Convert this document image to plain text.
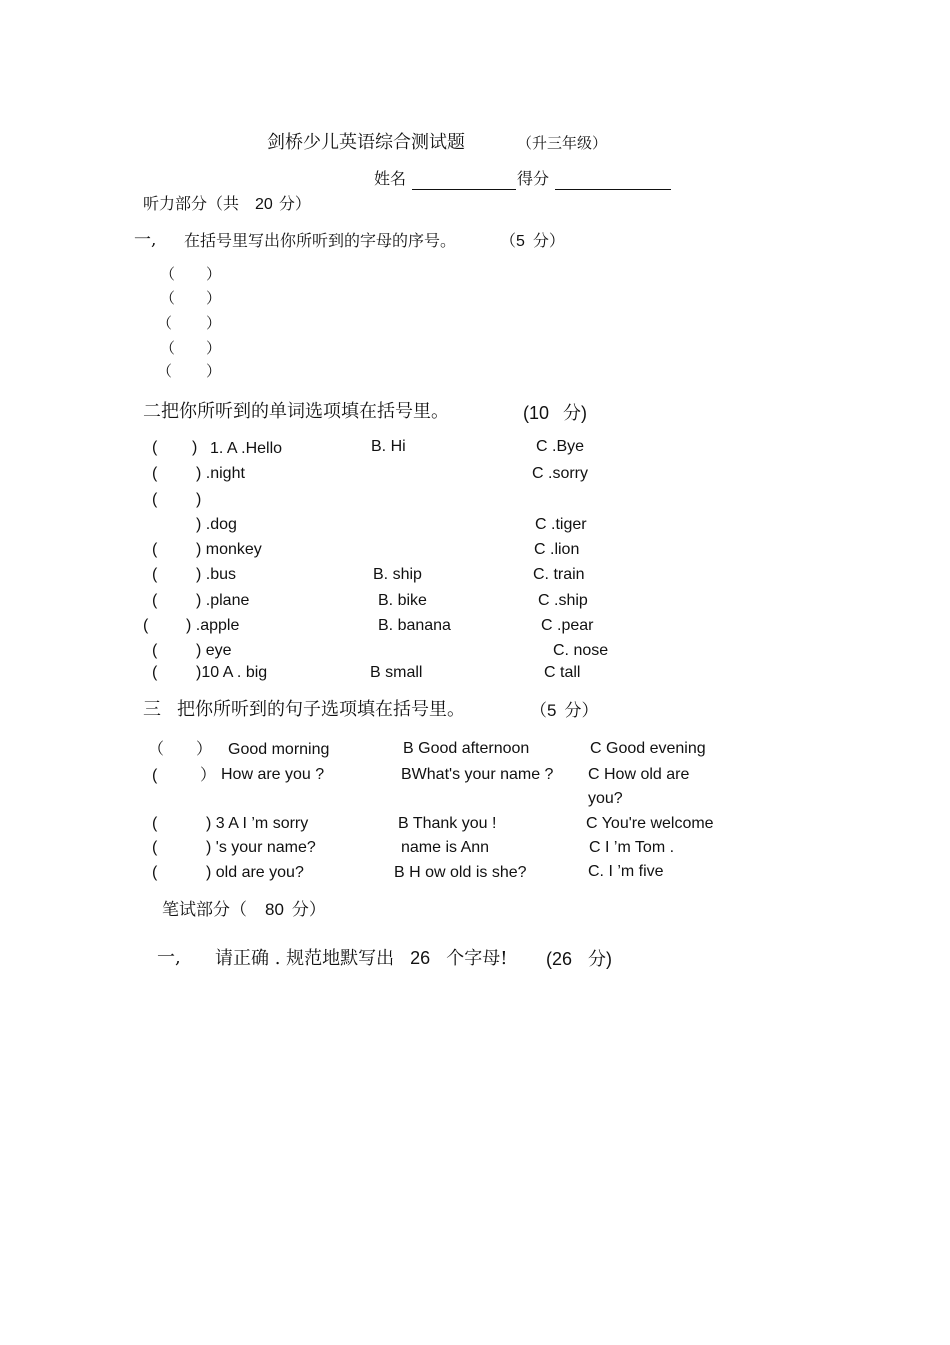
剑桥少儿英语综合测试题	（升三年级）
姓名	得分
听力部分（共 20 分）
一, 在括号里写出你所听到的字母的序号。	（5 分）
（ ）
（ ）
（ ）
（ ）
（ ）
二把你所听到的单词选项填在括号里。	(10 分)
( ) 1. A .Hello	B. Hi	C .Bye
( ) .night	C .sorry
( )
) .dog	C .tiger
( ) monkey	C .lion
( ) .bus	B. ship	C. train
( ) .plane	B. bike	C .ship
( ) .apple	B. banana	C .pear
( ) eye	C. nose
( )10 A . big	B small	C tall
三 把你所听到的句子选项填在括号里。	（5 分）
（ ） Good morning	B Good afternoon	C Good evening
(	） How are you ?	BWhat's your name ? C How old are
you?
(	) 3 A I ’m sorry	B Thank you !	C You're welcome
(	) 's your name?	name is Ann	C I ’m Tom .
(	) old are you?	B H ow old is she?	C. I ’m five
笔试部分（ 80 分）
一, 请正确 . 规范地默写出 26 个字母! (26 分)
